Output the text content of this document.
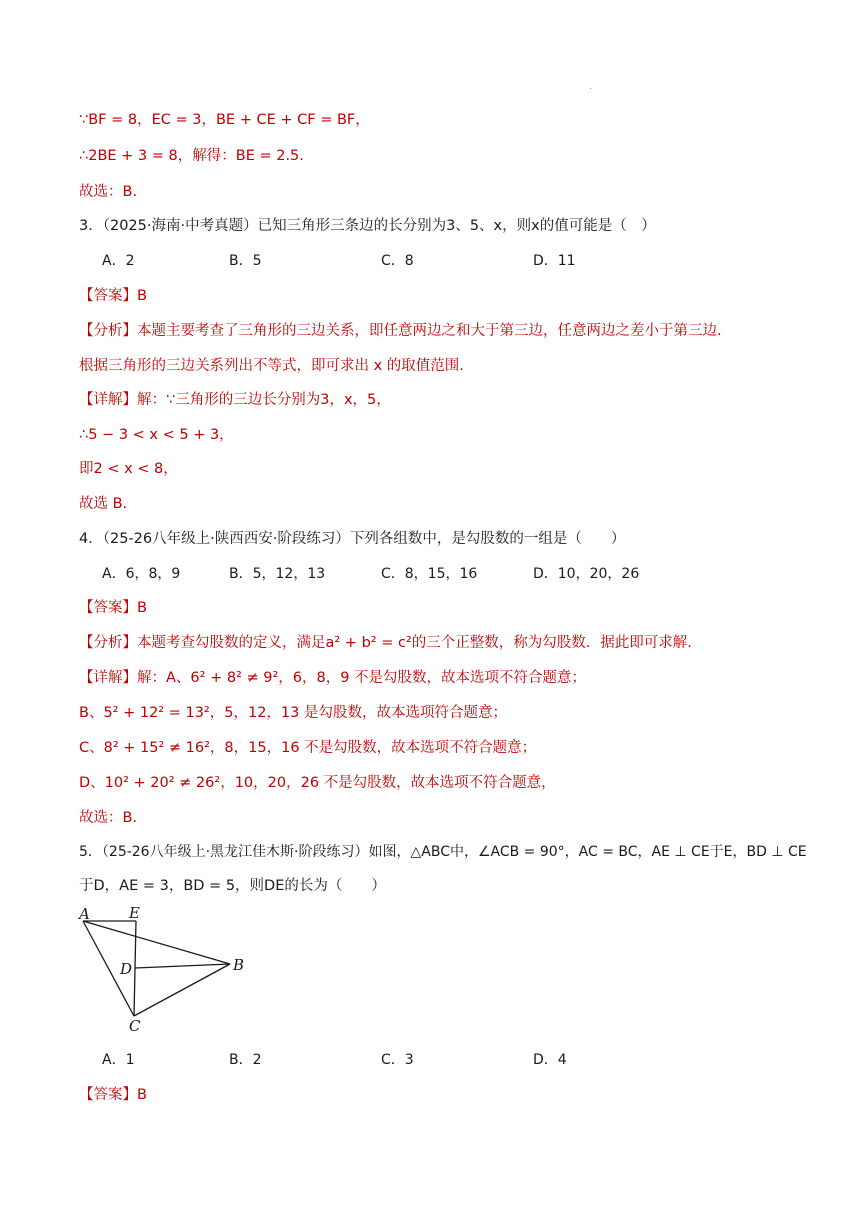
∵BF = 8，EC = 3，BE + CE + CF = BF，
∴2BE + 3 = 8，解得：BE = 2.5.
故选：B.
3．（2025·海南·中考真题）已知三角形三条边的长分别为3、5、x，则x的值可能是（　）
A．2	B．5	C．8	D．11
【答案】B
【分析】本题主要考查了三角形的三边关系，即任意两边之和大于第三边，任意两边之差小于第三边.
根据三角形的三边关系列出不等式，即可求出 x 的取值范围.
【详解】解：∵三角形的三边长分别为3，x，5，
∴5 − 3 < x < 5 + 3，
即2 < x < 8，
故选 B.
4．（25-26八年级上·陕西西安·阶段练习）下列各组数中，是勾股数的一组是（　　）
A．6，8，9	B．5，12，13	C．8，15，16	D．10，20，26
【答案】B
【分析】本题考查勾股数的定义，满足a² + b² = c²的三个正整数，称为勾股数．据此即可求解.
【详解】解：A、6² + 8² ≠ 9²，6，8，9 不是勾股数，故本选项不符合题意；
B、5² + 12² = 13²，5，12，13 是勾股数，故本选项符合题意；
C、8² + 15² ≠ 16²，8，15，16 不是勾股数，故本选项不符合题意；
D、10² + 20² ≠ 26²，10，20，26 不是勾股数，故本选项不符合题意，
故选：B.
5．（25-26八年级上·黑龙江佳木斯·阶段练习）如图，△ABC中，∠ACB = 90°，AC = BC，AE ⊥ CE于E，BD ⊥ CE
于D，AE = 3，BD = 5，则DE的长为（　　）
A	E
D	B
C
A．1	B．2	C．3	D．4
【答案】B
